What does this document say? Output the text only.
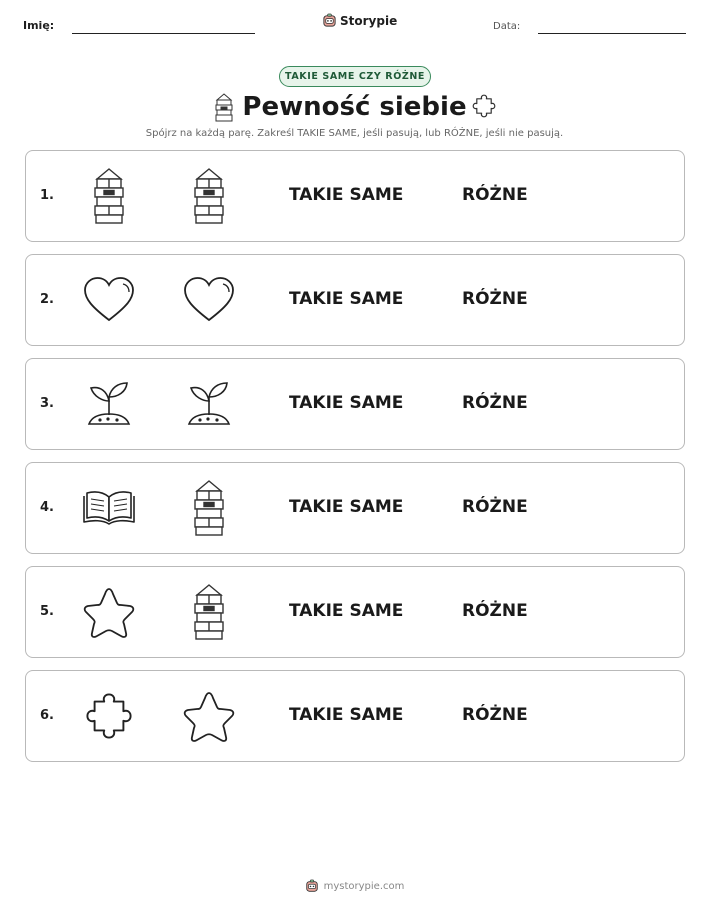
Imię:	Storypie	Data:
TAKIE SAME CZY RÓŻNE
Pewność siebie
Spójrz na każdą parę. Zakreśl TAKIE SAME, jeśli pasują, lub RÓŻNE, jeśli nie pasują.
1.	TAKIE SAME	RÓŻNE
2.	TAKIE SAME	RÓŻNE
3.	TAKIE SAME	RÓŻNE
4.	TAKIE SAME	RÓŻNE
5.	TAKIE SAME	RÓŻNE
6.	TAKIE SAME	RÓŻNE
mystorypie.com
